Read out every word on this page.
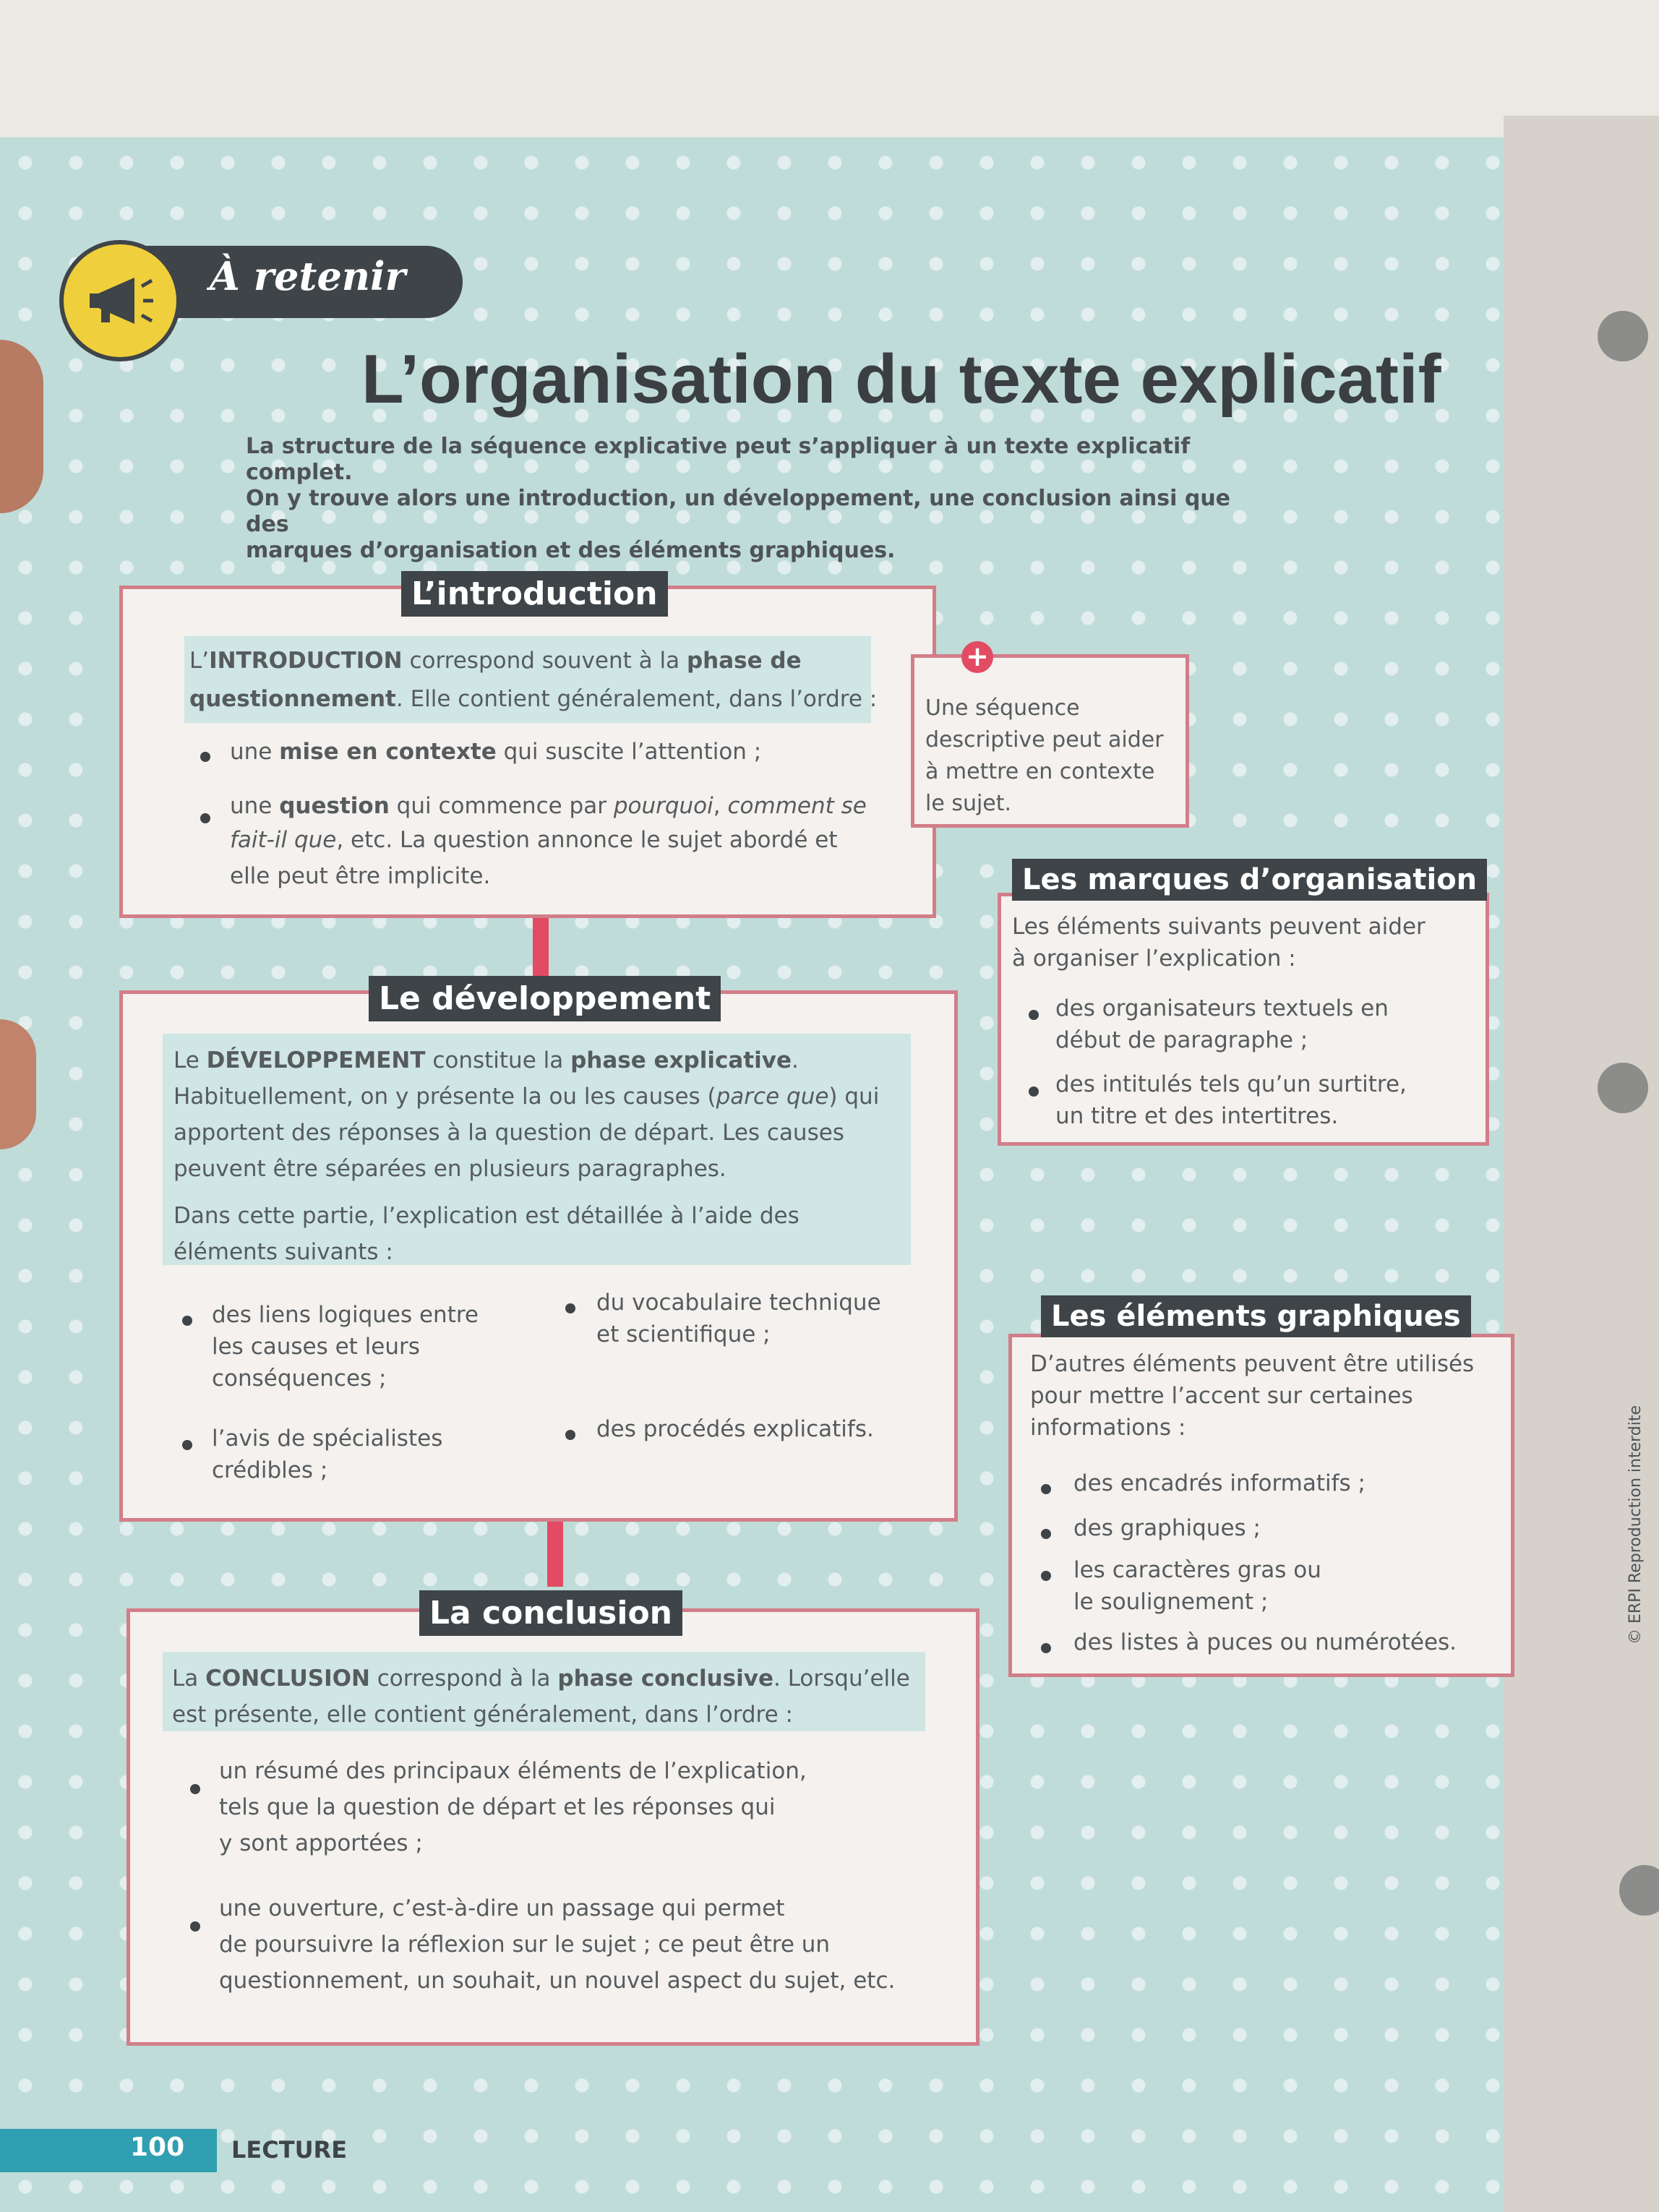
À retenir
L’organisation du texte explicatif
La structure de la séquence explicative peut s’appliquer à un texte explicatif complet.
On y trouve alors une introduction, un développement, une conclusion ainsi que des
marques d’organisation et des éléments graphiques.
L’introduction
L’INTRODUCTION correspond souvent à la phase de
questionnement. Elle contient généralement, dans l’ordre :
une mise en contexte qui suscite l’attention ;
une question qui commence par pourquoi, comment se
fait-il que, etc. La question annonce le sujet abordé et
elle peut être implicite.
+
Une séquence
descriptive peut aider
à mettre en contexte
le sujet.
Le développement
Le DÉVELOPPEMENT constitue la phase explicative.
Habituellement, on y présente la ou les causes (parce que) qui
apportent des réponses à la question de départ. Les causes
peuvent être séparées en plusieurs paragraphes.
Dans cette partie, l’explication est détaillée à l’aide des
éléments suivants :
des liens logiques entre
les causes et leurs
conséquences ;
du vocabulaire technique
et scientifique ;
l’avis de spécialistes
crédibles ;
des procédés explicatifs.
La conclusion
La CONCLUSION correspond à la phase conclusive. Lorsqu’elle
est présente, elle contient généralement, dans l’ordre :
un résumé des principaux éléments de l’explication,
tels que la question de départ et les réponses qui
y sont apportées ;
une ouverture, c’est-à-dire un passage qui permet
de poursuivre la réflexion sur le sujet ; ce peut être un
questionnement, un souhait, un nouvel aspect du sujet, etc.
Les marques d’organisation
Les éléments suivants peuvent aider
à organiser l’explication :
des organisateurs textuels en
début de paragraphe ;
des intitulés tels qu’un surtitre,
un titre et des intertitres.
Les éléments graphiques
D’autres éléments peuvent être utilisés
pour mettre l’accent sur certaines
informations :
des encadrés informatifs ;
des graphiques ;
les caractères gras ou
le soulignement ;
des listes à puces ou numérotées.
100 LECTURE
© ERPI Reproduction interdite
